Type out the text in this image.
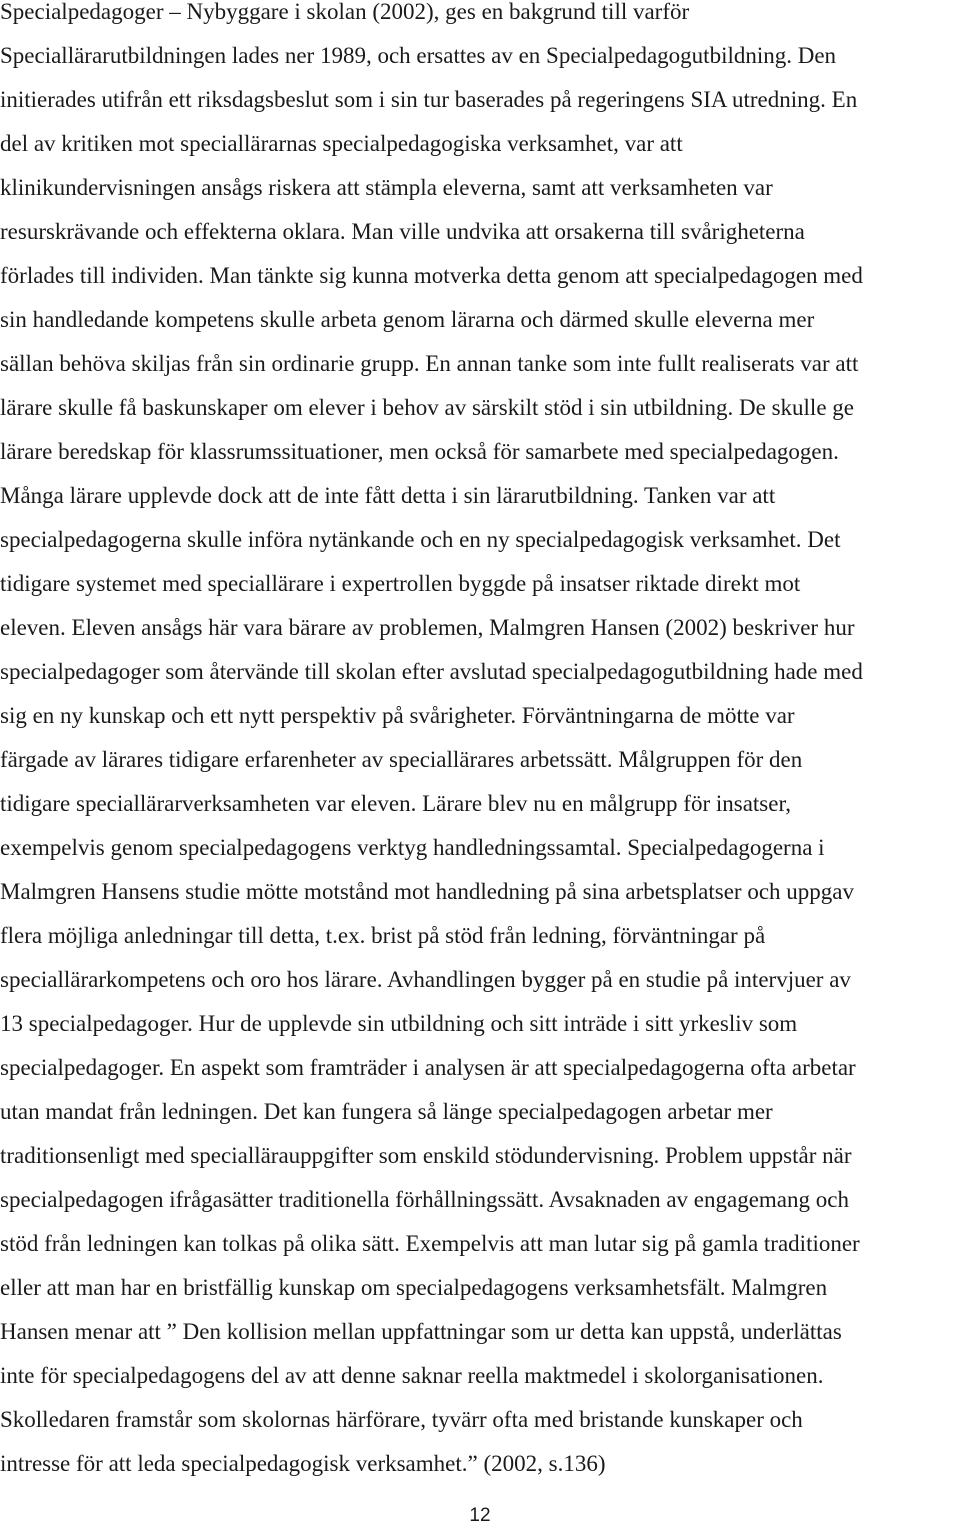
Specialpedagoger – Nybyggare i skolan (2002), ges en bakgrund till varför

Speciallärarutbildningen lades ner 1989, och ersattes av en Specialpedagogutbildning. Den

initierades utifrån ett riksdagsbeslut som i sin tur baserades på regeringens SIA utredning. En

del av kritiken mot speciallärarnas specialpedagogiska verksamhet, var att

klinikundervisningen ansågs riskera att stämpla eleverna, samt att verksamheten var

resurskrävande och effekterna oklara. Man ville undvika att orsakerna till svårigheterna

förlades till individen. Man tänkte sig kunna motverka detta genom att specialpedagogen med

sin handledande kompetens skulle arbeta genom lärarna och därmed skulle eleverna mer

sällan behöva skiljas från sin ordinarie grupp. En annan tanke som inte fullt realiserats var att

lärare skulle få baskunskaper om elever i behov av särskilt stöd i sin utbildning. De skulle ge

lärare beredskap för klassrumssituationer, men också för samarbete med specialpedagogen.

Många lärare upplevde dock att de inte fått detta i sin lärarutbildning. Tanken var att

specialpedagogerna skulle införa nytänkande och en ny specialpedagogisk verksamhet. Det

tidigare systemet med speciallärare i expertrollen byggde på insatser riktade direkt mot

eleven. Eleven ansågs här vara bärare av problemen, Malmgren Hansen (2002) beskriver hur

specialpedagoger som återvände till skolan efter avslutad specialpedagogutbildning hade med

sig en ny kunskap och ett nytt perspektiv på svårigheter. Förväntningarna de mötte var

färgade av lärares tidigare erfarenheter av speciallärares arbetssätt. Målgruppen för den

tidigare speciallärarverksamheten var eleven. Lärare blev nu en målgrupp för insatser,

exempelvis genom specialpedagogens verktyg handledningssamtal. Specialpedagogerna i

Malmgren Hansens studie mötte motstånd mot handledning på sina arbetsplatser och uppgav

flera möjliga anledningar till detta, t.ex. brist på stöd från ledning, förväntningar på

speciallärarkompetens och oro hos lärare. Avhandlingen bygger på en studie på intervjuer av

13 specialpedagoger. Hur de upplevde sin utbildning och sitt inträde i sitt yrkesliv som

specialpedagoger. En aspekt som framträder i analysen är att specialpedagogerna ofta arbetar

utan mandat från ledningen. Det kan fungera så länge specialpedagogen arbetar mer

traditionsenligt med speciallärauppgifter som enskild stödundervisning. Problem uppstår när

specialpedagogen ifrågasätter traditionella förhållningssätt. Avsaknaden av engagemang och

stöd från ledningen kan tolkas på olika sätt. Exempelvis att man lutar sig på gamla traditioner

eller att man har en bristfällig kunskap om specialpedagogens verksamhetsfält. Malmgren

Hansen menar att ” Den kollision mellan uppfattningar som ur detta kan uppstå, underlättas

inte för specialpedagogens del av att denne saknar reella maktmedel i skolorganisationen.

Skolledaren framstår som skolornas härförare, tyvärr ofta med bristande kunskaper och

intresse för att leda specialpedagogisk verksamhet.” (2002, s.136)

12
